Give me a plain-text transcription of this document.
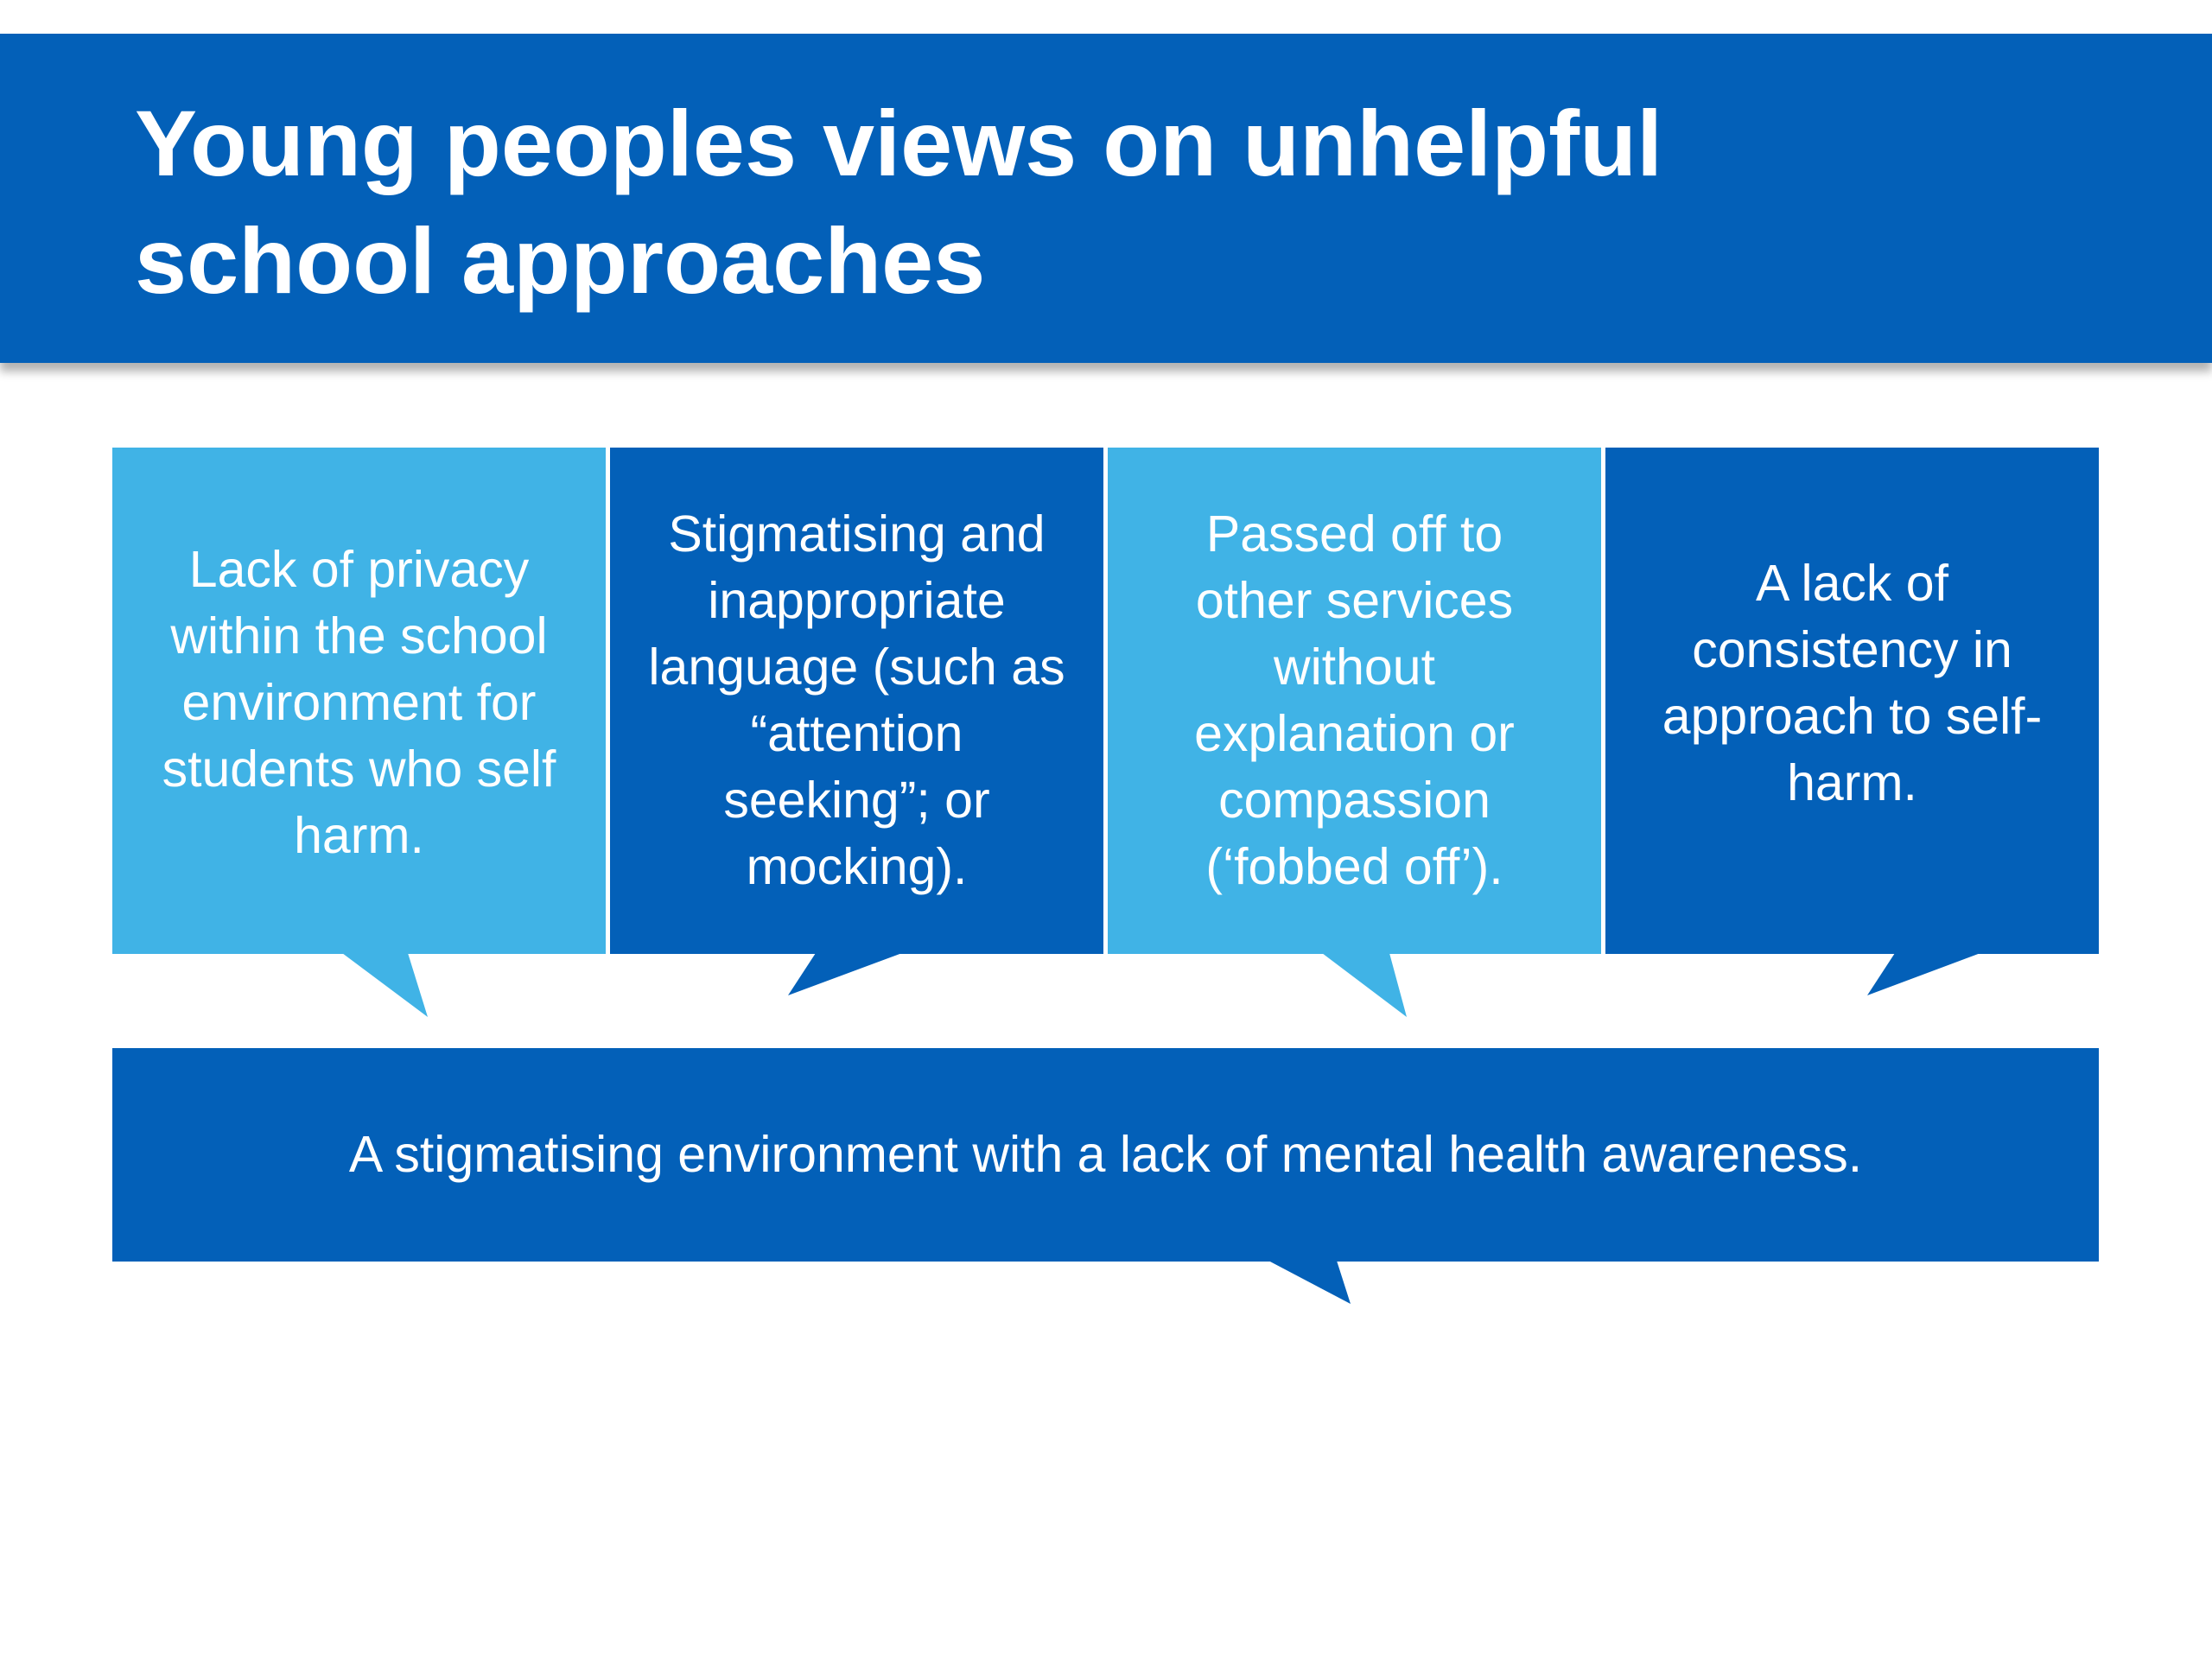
Young peoples views on unhelpful
school approaches
Lack of privacy
within the school
environment for
students who self
harm.
Stigmatising and
inappropriate
language (such as
“attention
seeking”; or
mocking).
Passed off to
other services
without
explanation or
compassion
(‘fobbed off’).
A lack of
consistency in
approach to self-
harm.
A stigmatising environment with a lack of mental health awareness.
